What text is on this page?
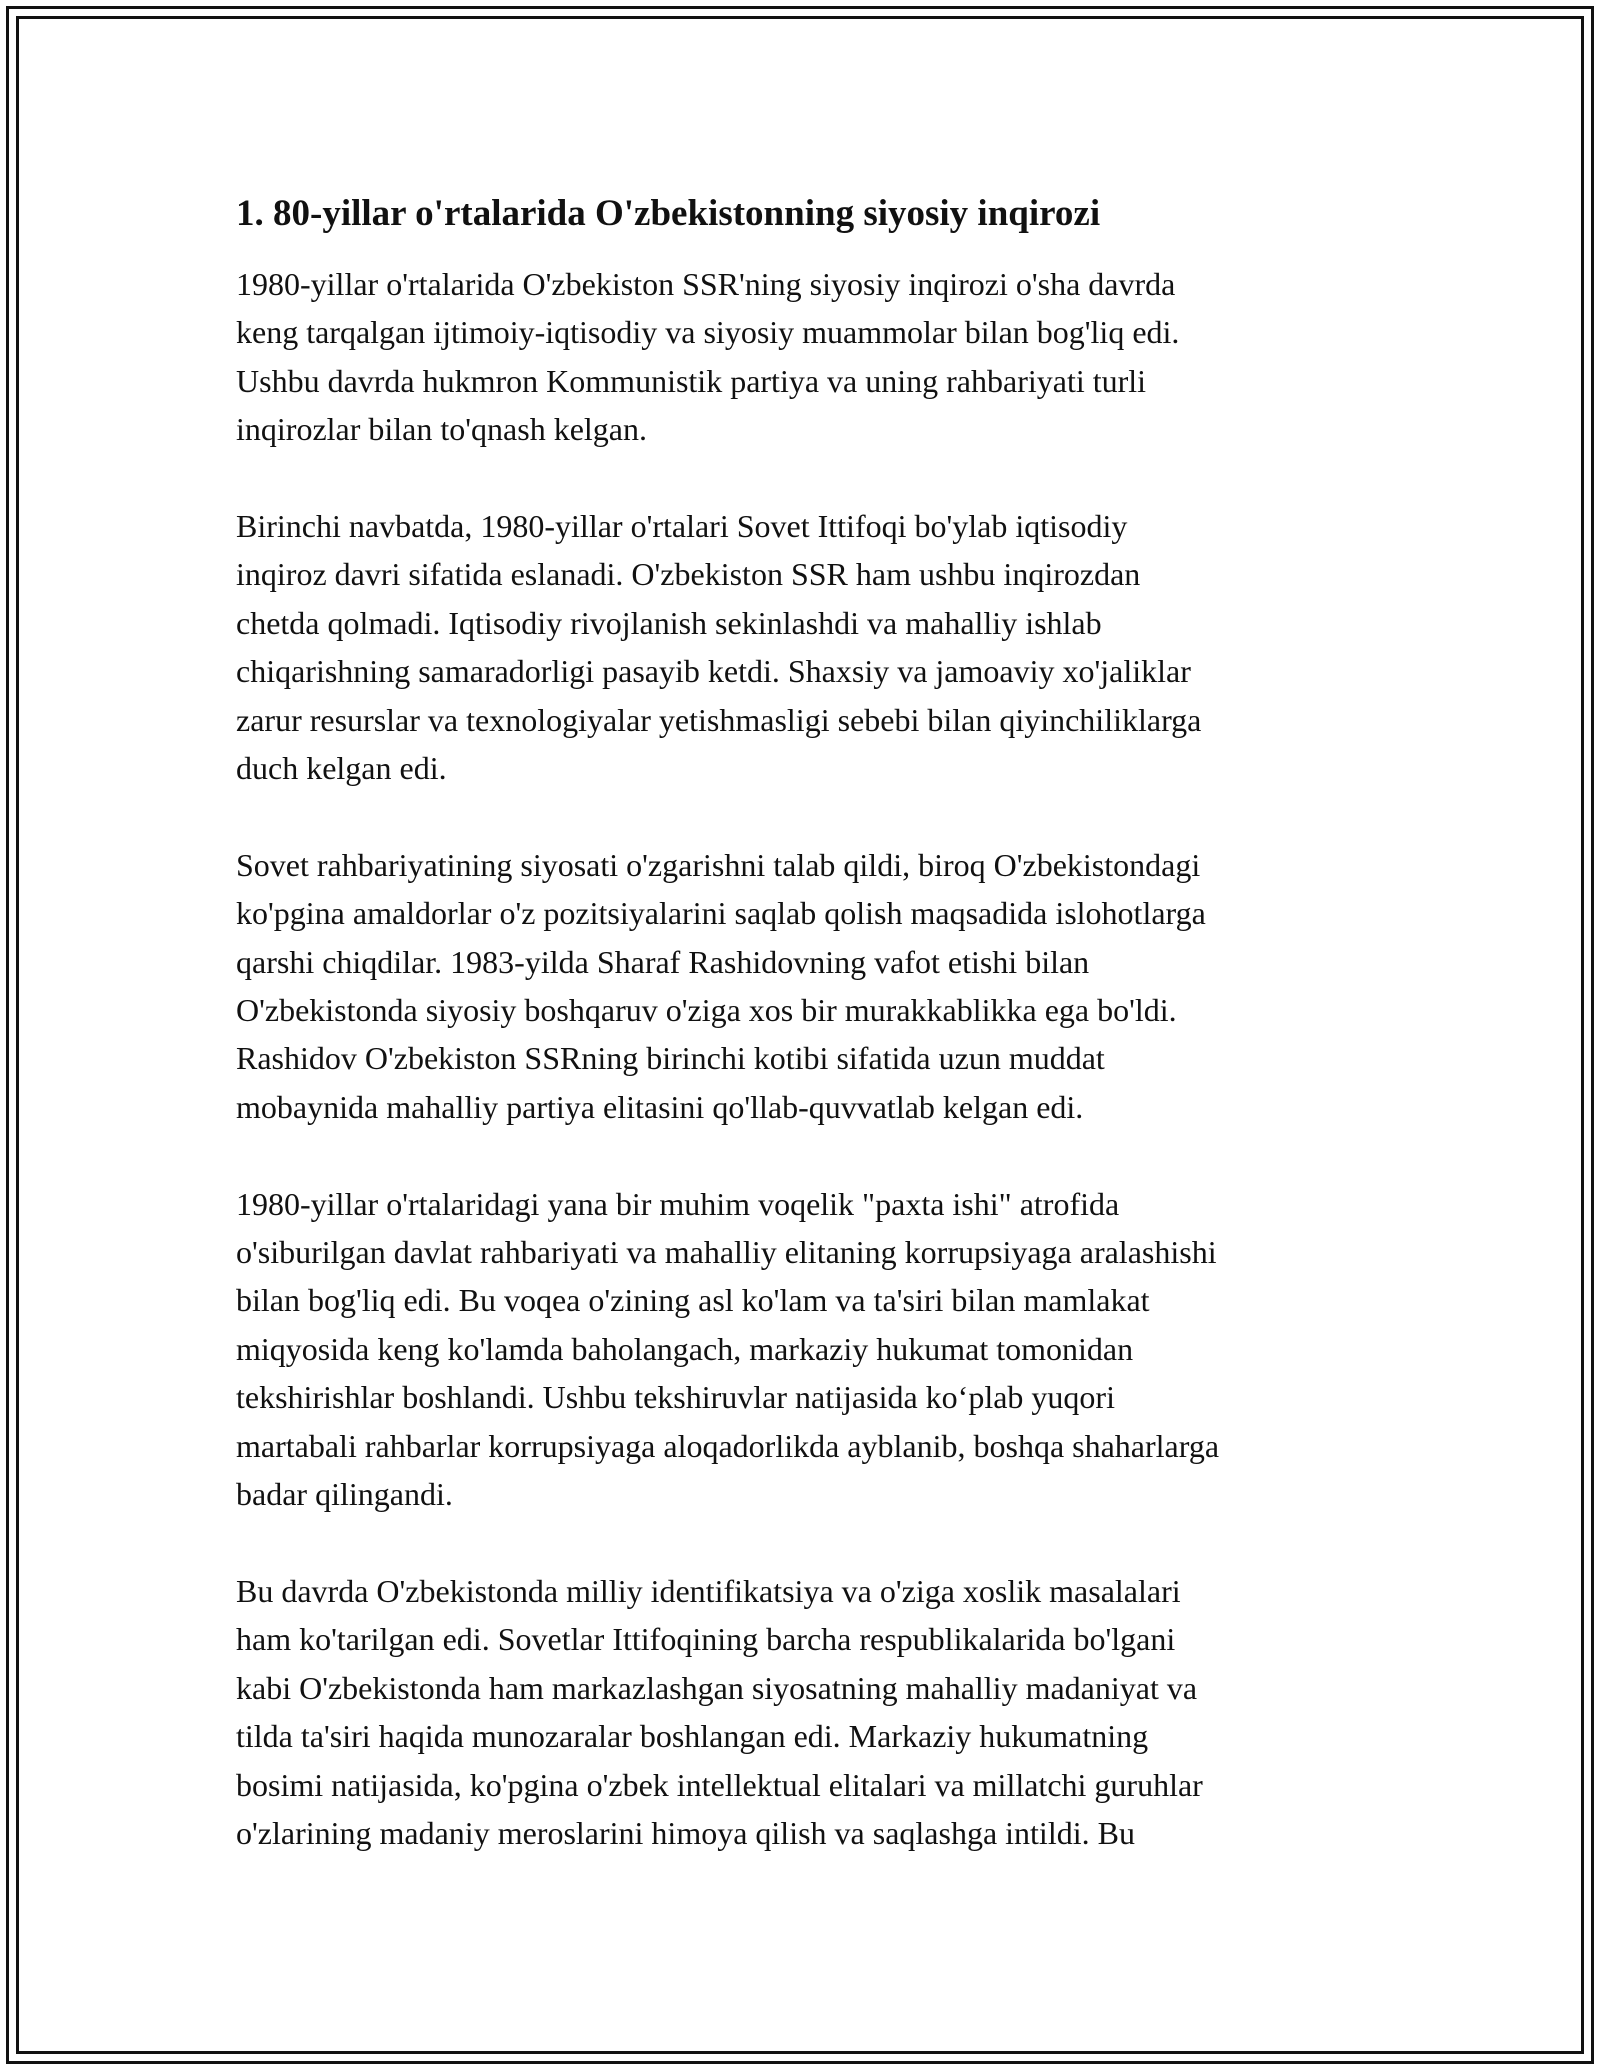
1. 80-yillar o'rtalarida O'zbekistonning siyosiy inqirozi

1980-yillar o'rtalarida O'zbekiston SSR'ning siyosiy inqirozi o'sha davrda
keng tarqalgan ijtimoiy-iqtisodiy va siyosiy muammolar bilan bog'liq edi.
Ushbu davrda hukmron Kommunistik partiya va uning rahbariyati turli
inqirozlar bilan to'qnash kelgan.

Birinchi navbatda, 1980-yillar o'rtalari Sovet Ittifoqi bo'ylab iqtisodiy
inqiroz davri sifatida eslanadi. O'zbekiston SSR ham ushbu inqirozdan
chetda qolmadi. Iqtisodiy rivojlanish sekinlashdi va mahalliy ishlab
chiqarishning samaradorligi pasayib ketdi. Shaxsiy va jamoaviy xo'jaliklar
zarur resurslar va texnologiyalar yetishmasligi sebebi bilan qiyinchiliklarga
duch kelgan edi.

Sovet rahbariyatining siyosati o'zgarishni talab qildi, biroq O'zbekistondagi
ko'pgina amaldorlar o'z pozitsiyalarini saqlab qolish maqsadida islohotlarga
qarshi chiqdilar. 1983-yilda Sharaf Rashidovning vafot etishi bilan
O'zbekistonda siyosiy boshqaruv o'ziga xos bir murakkablikka ega bo'ldi.
Rashidov O'zbekiston SSRning birinchi kotibi sifatida uzun muddat
mobaynida mahalliy partiya elitasini qo'llab-quvvatlab kelgan edi.

1980-yillar o'rtalaridagi yana bir muhim voqelik "paxta ishi" atrofida
o'siburilgan davlat rahbariyati va mahalliy elitaning korrupsiyaga aralashishi
bilan bog'liq edi. Bu voqea o'zining asl ko'lam va ta'siri bilan mamlakat
miqyosida keng ko'lamda baholangach, markaziy hukumat tomonidan
tekshirishlar boshlandi. Ushbu tekshiruvlar natijasida ko‘plab yuqori
martabali rahbarlar korrupsiyaga aloqadorlikda ayblanib, boshqa shaharlarga
badar qilingandi.

Bu davrda O'zbekistonda milliy identifikatsiya va o'ziga xoslik masalalari
ham ko'tarilgan edi. Sovetlar Ittifoqining barcha respublikalarida bo'lgani
kabi O'zbekistonda ham markazlashgan siyosatning mahalliy madaniyat va
tilda ta'siri haqida munozaralar boshlangan edi. Markaziy hukumatning
bosimi natijasida, ko'pgina o'zbek intellektual elitalari va millatchi guruhlar
o'zlarining madaniy meroslarini himoya qilish va saqlashga intildi. Bu
